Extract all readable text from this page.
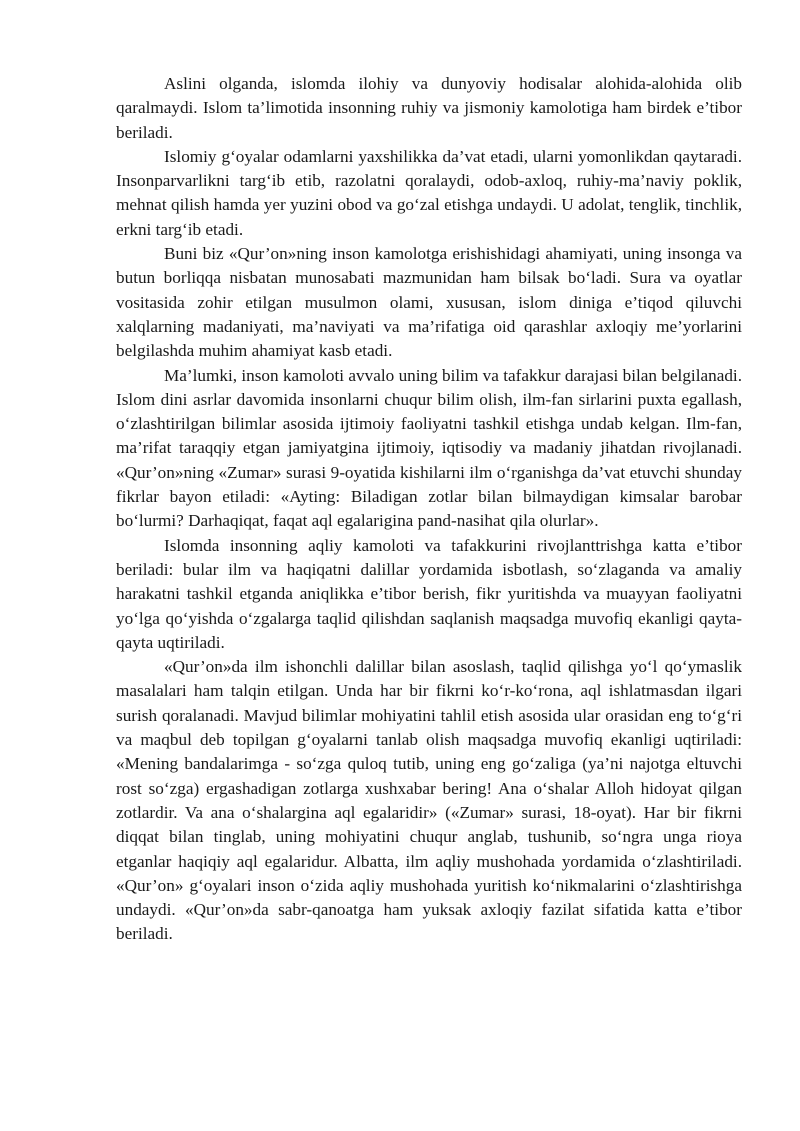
Aslini olganda, islomda ilohiy va dunyoviy hodisalar alohida-alohida olib qaralmaydi. Islom ta’limotida insonning ruhiy va jismoniy kamolotiga ham birdek e’tibor beriladi.

Islomiy g‘oyalar odamlarni yaxshilikka da’vat etadi, ularni yomonlikdan qaytaradi. Insonparvarlikni targ‘ib etib, razolatni qoralaydi, odob-axloq, ruhiy-ma’naviy poklik, mehnat qilish hamda yer yuzini obod va go‘zal etishga undaydi. U adolat, tenglik, tinchlik, erkni targ‘ib etadi.

Buni biz «Qur’on»ning inson kamolotga erishishidagi ahamiyati, uning insonga va butun borliqqa nisbatan munosabati mazmunidan ham bilsak bo‘ladi. Sura va oyatlar vositasida zohir etilgan musulmon olami, xususan, islom diniga e’tiqod qiluvchi xalqlarning madaniyati, ma’naviyati va ma’rifatiga oid qarashlar axloqiy me’yorlarini belgilashda muhim ahamiyat kasb etadi.

Ma’lumki, inson kamoloti avvalo uning bilim va tafakkur darajasi bilan belgilanadi. Islom dini asrlar davomida insonlarni chuqur bilim olish, ilm-fan sirlarini puxta egallash, o‘zlashtirilgan bilimlar asosida ijtimoiy faoliyatni tashkil etishga undab kelgan. Ilm-fan, ma’rifat taraqqiy etgan jamiyatgina ijtimoiy, iqtisodiy va madaniy jihatdan rivojlanadi. «Qur’on»ning «Zumar» surasi 9-oyatida kishilarni ilm o‘rganishga da’vat etuvchi shunday fikrlar bayon etiladi: «Ayting: Biladigan zotlar bilan bilmaydigan kimsalar barobar bo‘lurmi? Darhaqiqat, faqat aql egalarigina pand-nasihat qila olurlar».

Islomda insonning aqliy kamoloti va tafakkurini rivojlanttrishga katta e’tibor beriladi: bular ilm va haqiqatni dalillar yordamida isbotlash, so‘zlaganda va amaliy harakatni tashkil etganda aniqlikka e’tibor berish, fikr yuritishda va muayyan faoliyatni yo‘lga qo‘yishda o‘zgalarga taqlid qilishdan saqlanish maqsadga muvofiq ekanligi qayta-qayta uqtiriladi.

«Qur’on»da ilm ishonchli dalillar bilan asoslash, taqlid qilishga yo‘l qo‘ymaslik masalalari ham talqin etilgan. Unda har bir fikrni ko‘r-ko‘rona, aql ishlatmasdan ilgari surish qoralanadi. Mavjud bilimlar mohiyatini tahlil etish asosida ular orasidan eng to‘g‘ri va maqbul deb topilgan g‘oyalarni tanlab olish maqsadga muvofiq ekanligi uqtiriladi: «Mening bandalarimga - so‘zga quloq tutib, uning eng go‘zaliga (ya’ni najotga eltuvchi rost so‘zga) ergashadigan zotlarga xushxabar bering! Ana o‘shalar Alloh hidoyat qilgan zotlardir. Va ana o‘shalargina aql egalaridir» («Zumar» surasi, 18-oyat). Har bir fikrni diqqat bilan tinglab, uning mohiyatini chuqur anglab, tushunib, so‘ngra unga rioya etganlar haqiqiy aql egalaridur. Albatta, ilm aqliy mushohada yordamida o‘zlashtiriladi. «Qur’on» g‘oyalari inson o‘zida aqliy mushohada yuritish ko‘nikmalarini o‘zlashtirishga undaydi. «Qur’on»da sabr-qanoatga ham yuksak axloqiy fazilat sifatida katta e’tibor beriladi.
